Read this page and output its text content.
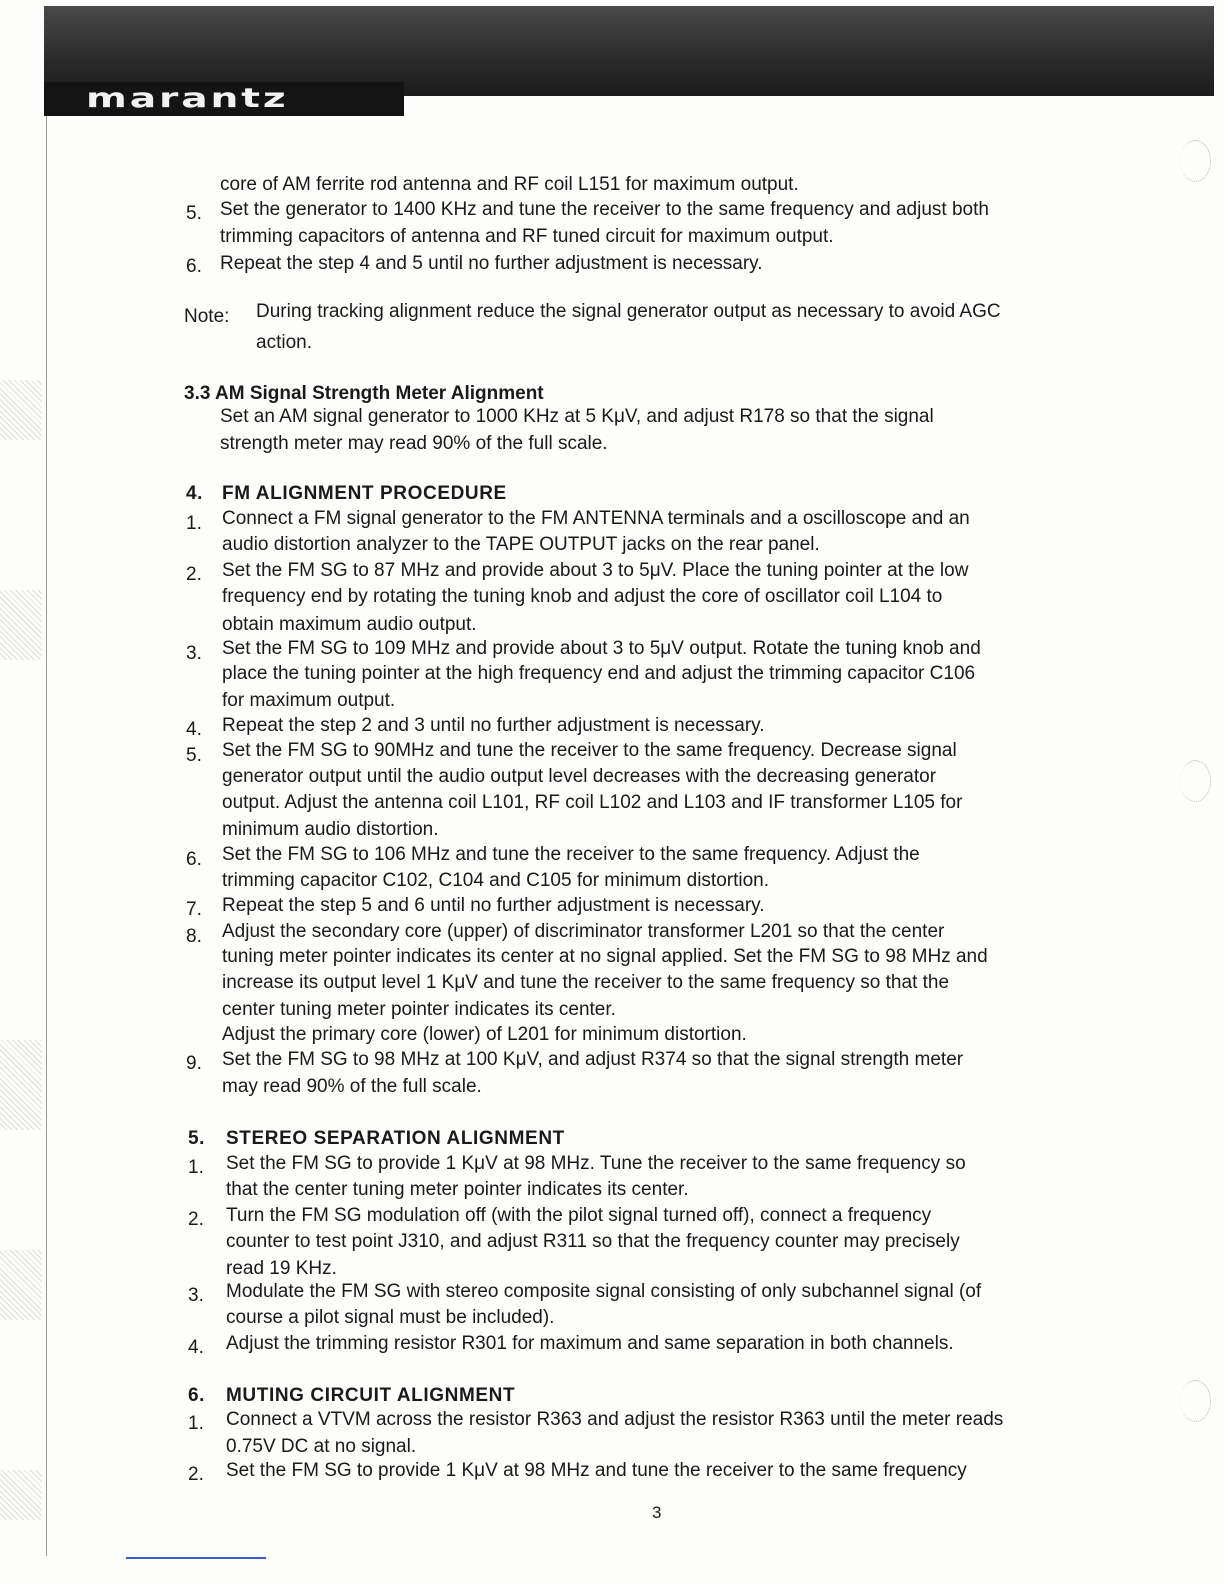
marantz
core of AM ferrite rod antenna and RF coil L151 for maximum output.
5. Set the generator to 1400 KHz and tune the receiver to the same frequency and adjust both
trimming capacitors of antenna and RF tuned circuit for maximum output.
6. Repeat the step 4 and 5 until no further adjustment is necessary.
Note: During tracking alignment reduce the signal generator output as necessary to avoid AGC
action.
3.3 AM Signal Strength Meter Alignment
Set an AM signal generator to 1000 KHz at 5 KμV, and adjust R178 so that the signal
strength meter may read 90% of the full scale.
4. FM ALIGNMENT PROCEDURE
1. Connect a FM signal generator to the FM ANTENNA terminals and a oscilloscope and an
audio distortion analyzer to the TAPE OUTPUT jacks on the rear panel.
2. Set the FM SG to 87 MHz and provide about 3 to 5μV. Place the tuning pointer at the low
frequency end by rotating the tuning knob and adjust the core of oscillator coil L104 to
obtain maximum audio output.
3. Set the FM SG to 109 MHz and provide about 3 to 5μV output. Rotate the tuning knob and
place the tuning pointer at the high frequency end and adjust the trimming capacitor C106
for maximum output.
4. Repeat the step 2 and 3 until no further adjustment is necessary.
5. Set the FM SG to 90MHz and tune the receiver to the same frequency. Decrease signal
generator output until the audio output level decreases with the decreasing generator
output. Adjust the antenna coil L101, RF coil L102 and L103 and IF transformer L105 for
minimum audio distortion.
6. Set the FM SG to 106 MHz and tune the receiver to the same frequency. Adjust the
trimming capacitor C102, C104 and C105 for minimum distortion.
7. Repeat the step 5 and 6 until no further adjustment is necessary.
8. Adjust the secondary core (upper) of discriminator transformer L201 so that the center
tuning meter pointer indicates its center at no signal applied. Set the FM SG to 98 MHz and
increase its output level 1 KμV and tune the receiver to the same frequency so that the
center tuning meter pointer indicates its center.
Adjust the primary core (lower) of L201 for minimum distortion.
9. Set the FM SG to 98 MHz at 100 KμV, and adjust R374 so that the signal strength meter
may read 90% of the full scale.
5. STEREO SEPARATION ALIGNMENT
1. Set the FM SG to provide 1 KμV at 98 MHz. Tune the receiver to the same frequency so
that the center tuning meter pointer indicates its center.
2. Turn the FM SG modulation off (with the pilot signal turned off), connect a frequency
counter to test point J310, and adjust R311 so that the frequency counter may precisely
read 19 KHz.
3. Modulate the FM SG with stereo composite signal consisting of only subchannel signal (of
course a pilot signal must be included).
4. Adjust the trimming resistor R301 for maximum and same separation in both channels.
6. MUTING CIRCUIT ALIGNMENT
1. Connect a VTVM across the resistor R363 and adjust the resistor R363 until the meter reads
0.75V DC at no signal.
2. Set the FM SG to provide 1 KμV at 98 MHz and tune the receiver to the same frequency
3
